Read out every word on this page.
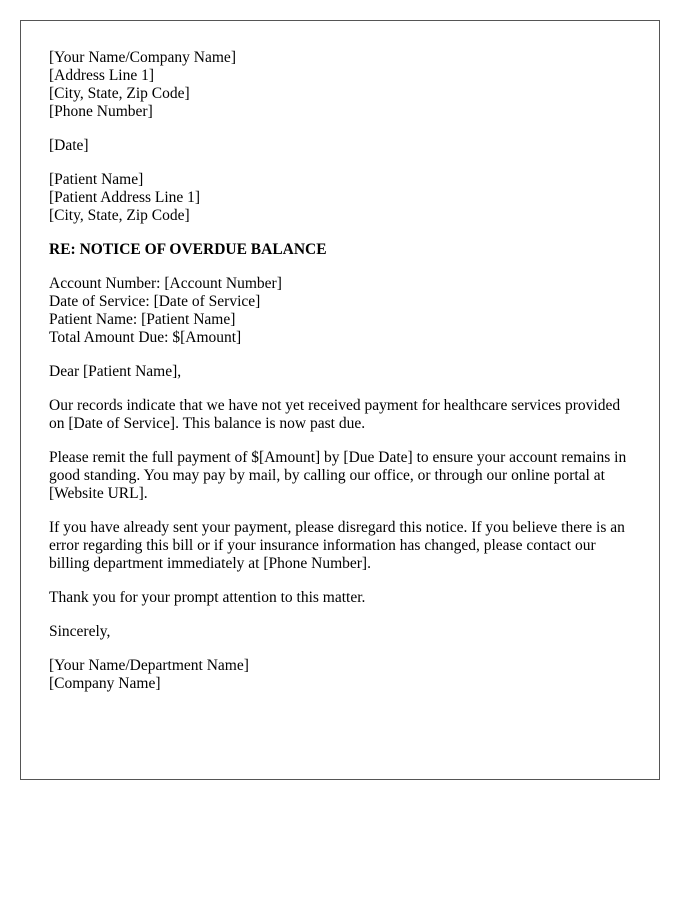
[Your Name/Company Name]
[Address Line 1]
[City, State, Zip Code]
[Phone Number]
[Date]
[Patient Name]
[Patient Address Line 1]
[City, State, Zip Code]
RE: NOTICE OF OVERDUE BALANCE
Account Number: [Account Number]
Date of Service: [Date of Service]
Patient Name: [Patient Name]
Total Amount Due: $[Amount]

Dear [Patient Name],

Our records indicate that we have not yet received payment for healthcare services provided on [Date of Service]. This balance is now past due.

Please remit the full payment of $[Amount] by [Due Date] to ensure your account remains in good standing. You may pay by mail, by calling our office, or through our online portal at [Website URL].

If you have already sent your payment, please disregard this notice. If you believe there is an error regarding this bill or if your insurance information has changed, please contact our billing department immediately at [Phone Number].

Thank you for your prompt attention to this matter.

Sincerely,

[Your Name/Department Name]
[Company Name]
